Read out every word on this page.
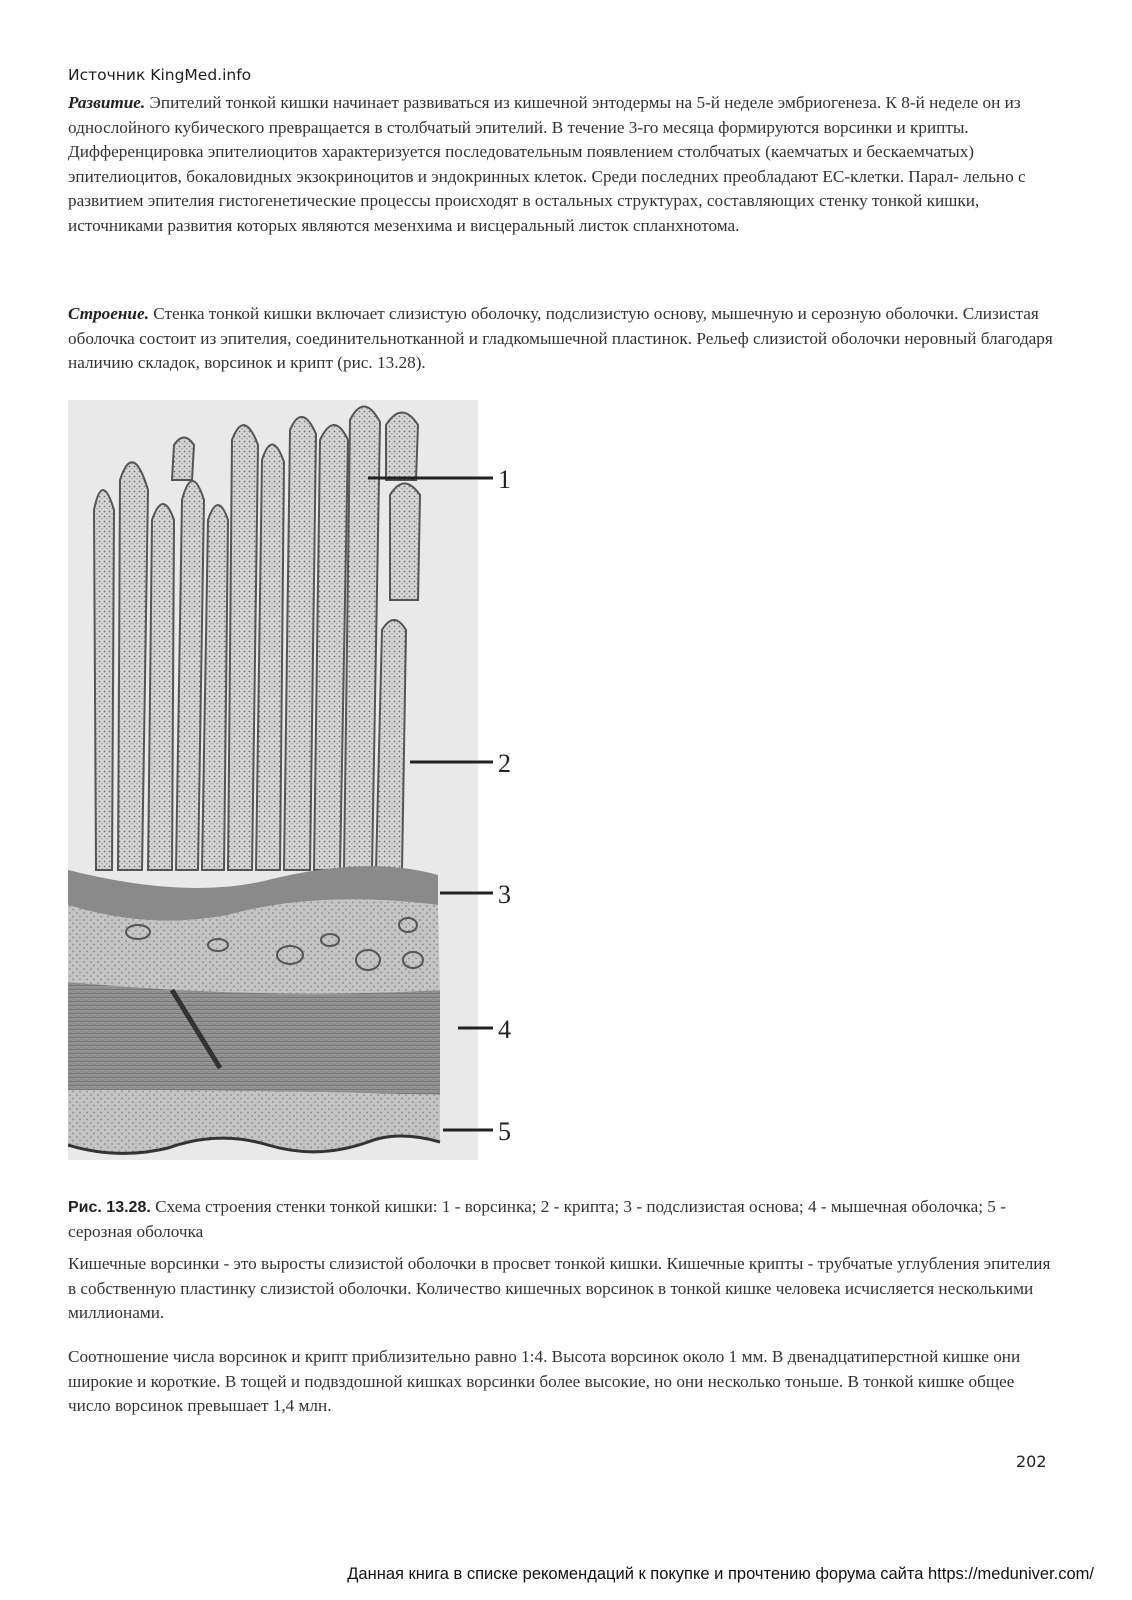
Источник KingMed.info
Развитие. Эпителий тонкой кишки начинает развиваться из кишечной энтодермы на 5-й неделе эмбриогенеза. К 8-й неделе он из однослойного кубического превращается в столбчатый эпителий. В течение 3-го месяца формируются ворсинки и крипты. Дифференцировка эпителиоцитов характеризуется последовательным появлением столбчатых (каемчатых и бескаемчатых) эпителиоцитов, бокаловидных экзокриноцитов и эндокринных клеток. Среди последних преобладают ЕС-клетки. Парал- лельно с развитием эпителия гистогенетические процессы происходят в остальных структурах, составляющих стенку тонкой кишки, источниками развития которых являются мезенхима и висцеральный листок спланхнотома.
Строение. Стенка тонкой кишки включает слизистую оболочку, подслизистую основу, мышечную и серозную оболочки. Слизистая оболочка состоит из эпителия, соединительнотканной и гладкомышечной пластинок. Рельеф слизистой оболочки неровный благодаря наличию складок, ворсинок и крипт (рис. 13.28).
1
2
3
4
5
Рис. 13.28. Схема строения стенки тонкой кишки: 1 - ворсинка; 2 - крипта; 3 - подслизистая основа; 4 - мышечная оболочка; 5 - серозная оболочка
Кишечные ворсинки - это выросты слизистой оболочки в просвет тонкой кишки. Кишечные крипты - трубчатые углубления эпителия в собственную пластинку слизистой оболочки. Количество кишечных ворсинок в тонкой кишке человека исчисляется несколькими миллионами.
Соотношение числа ворсинок и крипт приблизительно равно 1:4. Высота ворсинок около 1 мм. В двенадцатиперстной кишке они широкие и короткие. В тощей и подвздошной кишках ворсинки более высокие, но они несколько тоньше. В тонкой кишке общее число ворсинок превышает 1,4 млн.
202
Данная книга в списке рекомендаций к покупке и прочтению форума сайта https://meduniver.com/
